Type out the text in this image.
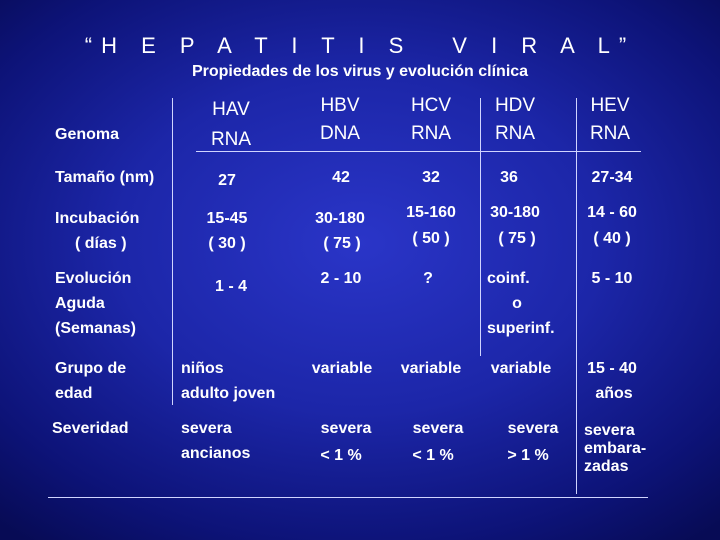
“H E P A T I T I S V I R A L”
Propiedades de los virus y evolución clínica
Genoma
Tamaño (nm)
Incubación
( días )
Evolución
Aguda
(Semanas)
Grupo de
edad
Severidad
HAV
RNA
27
15-45
( 30 )
1 - 4
niños
adulto joven
severa
ancianos
HBV
DNA
42
30-180
( 75 )
2 - 10
variable
severa
< 1 %
HCV
RNA
32
15-160
( 50 )
?
variable
severa
< 1 %
HDV
RNA
36
30-180
( 75 )
coinf.
o
superinf.
variable
severa
> 1 %
HEV
RNA
27-34
14 - 60
( 40 )
5 - 10
15 - 40
años
severa
embara-
zadas
